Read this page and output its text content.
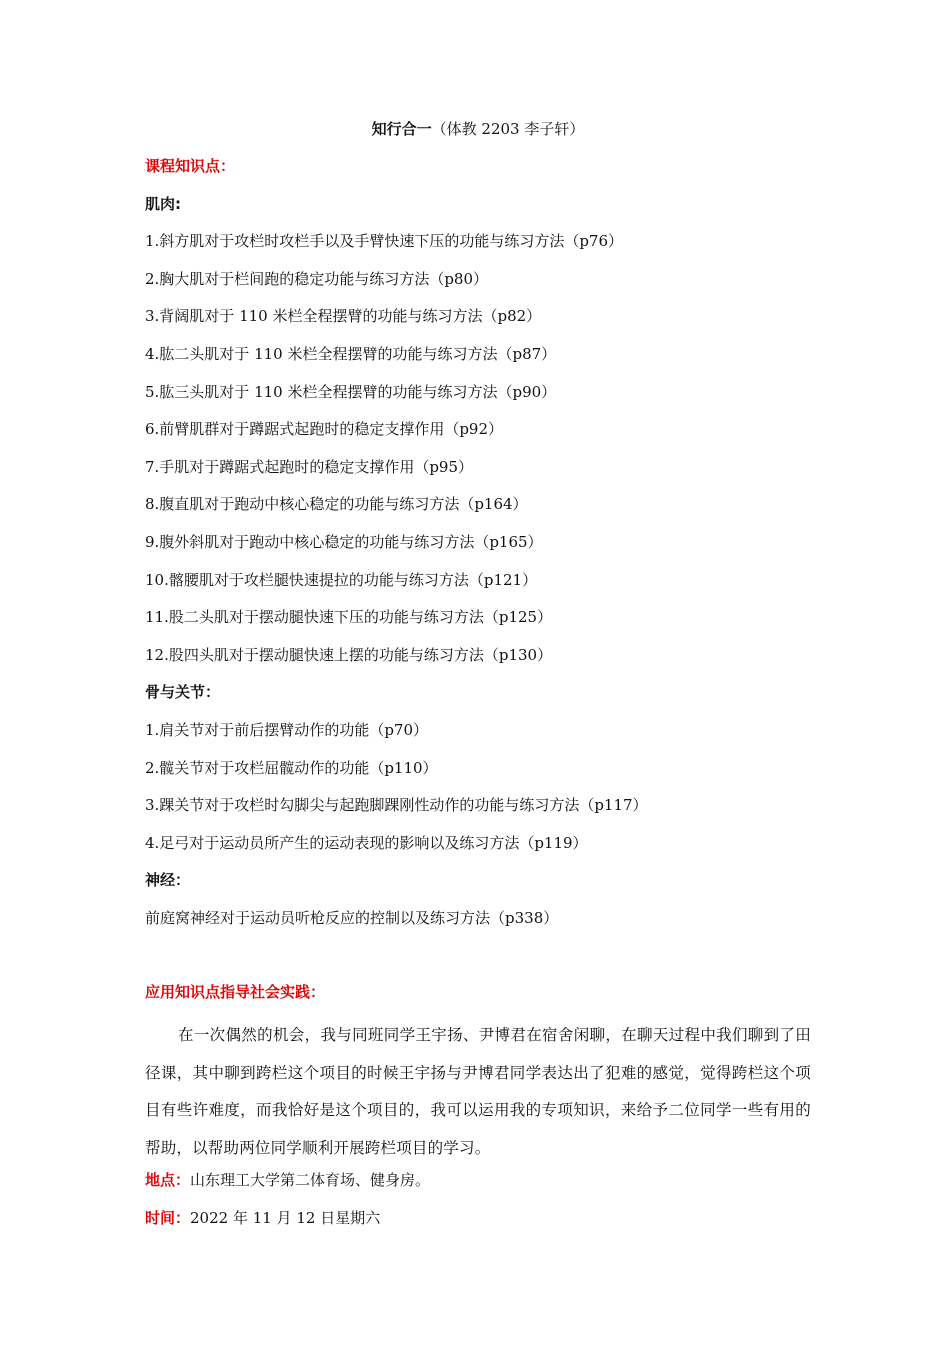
知行合一（体教 2203 李子轩）
课程知识点：
肌肉:
1.斜方肌对于攻栏时攻栏手以及手臂快速下压的功能与练习方法（p76）
2.胸大肌对于栏间跑的稳定功能与练习方法（p80）
3.背阔肌对于 110 米栏全程摆臂的功能与练习方法（p82）
4.肱二头肌对于 110 米栏全程摆臂的功能与练习方法（p87）
5.肱三头肌对于 110 米栏全程摆臂的功能与练习方法（p90）
6.前臂肌群对于蹲踞式起跑时的稳定支撑作用（p92）
7.手肌对于蹲踞式起跑时的稳定支撑作用（p95）
8.腹直肌对于跑动中核心稳定的功能与练习方法（p164）
9.腹外斜肌对于跑动中核心稳定的功能与练习方法（p165）
10.髂腰肌对于攻栏腿快速提拉的功能与练习方法（p121）
11.股二头肌对于摆动腿快速下压的功能与练习方法（p125）
12.股四头肌对于摆动腿快速上摆的功能与练习方法（p130）
骨与关节：
1.肩关节对于前后摆臂动作的功能（p70）
2.髋关节对于攻栏屈髋动作的功能（p110）
3.踝关节对于攻栏时勾脚尖与起跑脚踝刚性动作的功能与练习方法（p117）
4.足弓对于运动员所产生的运动表现的影响以及练习方法（p119）
神经：
前庭窝神经对于运动员听枪反应的控制以及练习方法（p338）
应用知识点指导社会实践：
在一次偶然的机会，我与同班同学王宇扬、尹博君在宿舍闲聊，在聊天过程中我们聊到了田径课，其中聊到跨栏这个项目的时候王宇扬与尹博君同学表达出了犯难的感觉，觉得跨栏这个项目有些许难度，而我恰好是这个项目的，我可以运用我的专项知识，来给予二位同学一些有用的帮助，以帮助两位同学顺利开展跨栏项目的学习。
地点：山东理工大学第二体育场、健身房。
时间：2022 年 11 月 12 日星期六
